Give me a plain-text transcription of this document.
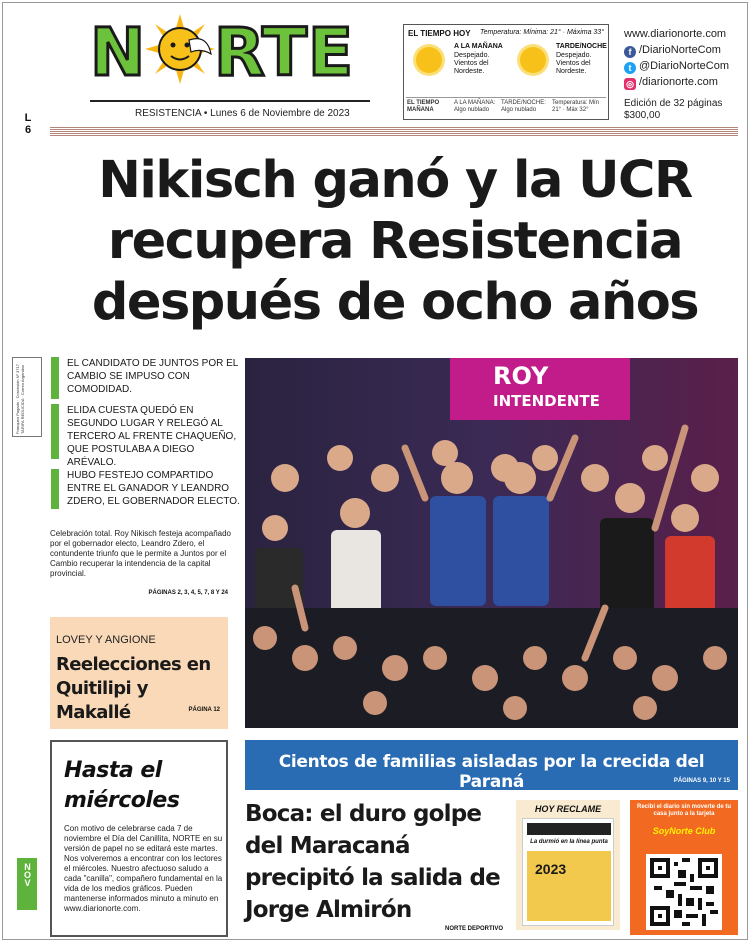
N R T E
RESISTENCIA • Lunes 6 de Noviembre de 2023
EL TIEMPO HOY Temperatura: Mínima: 21° · Máxima 33°
A LA MAÑANA
Despejado. Vientos del Nordeste.
TARDE/NOCHE
Despejado. Vientos del Nordeste.
EL TIEMPO MAÑANA
A LA MAÑANA: Algo nublado
TARDE/NOCHE: Algo nublado
Temperatura: Mín 21° · Máx 32°
www.diarionorte.com
f /DiarioNorteCom
t @DiarioNorteCom
◎ /diarionorte.com
Edición de 32 páginas
$300,00
L 6
Nikisch ganó y la UCR recupera Resistencia después de ocho años
Franqueo Pagado · Concesión Nº 3717 · TARIFA REDUCIDA · Correo Argentino
EL CANDIDATO DE JUNTOS POR EL CAMBIO SE IMPUSO CON COMODIDAD.
ELIDA CUESTA QUEDÓ EN SEGUNDO LUGAR Y RELEGÓ AL TERCERO AL FRENTE CHAQUEÑO, QUE POSTULABA A DIEGO ARÉVALO.
HUBO FESTEJO COMPARTIDO ENTRE EL GANADOR Y LEANDRO ZDERO, EL GOBERNADOR ELECTO.
Celebración total. Roy Nikisch festeja acompañado por el gobernador electo, Leandro Zdero, el contundente triunfo que le permite a Juntos por el Cambio recuperar la intendencia de la capital provincial.
PÁGINAS 2, 3, 4, 5, 7, 8 Y 24
LOVEY Y ANGIONE
Reelecciones en Quitilipi y Makallé	PÁGINA 12
Hasta el miércoles
Con motivo de celebrarse cada 7 de noviembre el Día del Canillita, NORTE en su versión de papel no se editará este martes. Nos volveremos a encontrar con los lectores el miércoles. Nuestro afectuoso saludo a cada "canilla", compañero fundamental en la vida de los medios gráficos. Pueden mantenerse informados minuto a minuto en www.diarionorte.com.
NOV
ROY
INTENDENTE
Cientos de familias aisladas por la crecida del Paraná	PÁGINAS 9, 10 Y 15
Boca: el duro golpe del Maracaná precipitó la salida de Jorge Almirón
NORTE DEPORTIVO
HOY RECLAME
La durmió en la línea punta
2023
Recibí el diario sin moverte de tu casa junto a la tarjeta
SoyNorte Club
